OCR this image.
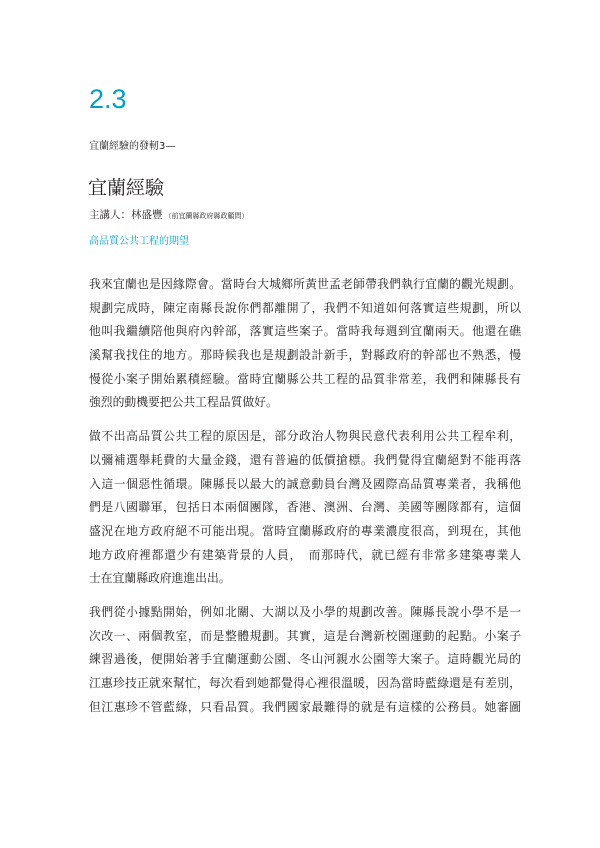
2.3
宜蘭經驗的發軔3—
宜蘭經驗
主講人：林盛豐 （前宜蘭縣政府縣政顧問）
高品質公共工程的期望
我來宜蘭也是因緣際會。當時台大城鄉所黃世孟老師帶我們執行宜蘭的觀光規劃。
規劃完成時，陳定南縣長說你們都離開了，我們不知道如何落實這些規劃，所以
他叫我繼續陪他與府內幹部，落實這些案子。當時我每週到宜蘭兩天。他還在礁
溪幫我找住的地方。那時候我也是規劃設計新手，對縣政府的幹部也不熟悉，慢
慢從小案子開始累積經驗。當時宜蘭縣公共工程的品質非常差，我們和陳縣長有
強烈的動機要把公共工程品質做好。
做不出高品質公共工程的原因是，部分政治人物與民意代表利用公共工程牟利，
以彌補選舉耗費的大量金錢，還有普遍的低價搶標。我們覺得宜蘭絕對不能再落
入這一個惡性循環。陳縣長以最大的誠意動員台灣及國際高品質專業者，我稱他
們是八國聯軍，包括日本兩個團隊，香港、澳洲、台灣、美國等團隊都有，這個
盛況在地方政府絕不可能出現。當時宜蘭縣政府的專業濃度很高，到現在，其他
地方政府裡都還少有建築背景的人員，　而那時代，就已經有非常多建築專業人
士在宜蘭縣政府進進出出。
我們從小據點開始，例如北關、大湖以及小學的規劃改善。陳縣長說小學不是一
次改一、兩個教室，而是整體規劃。其實，這是台灣新校園運動的起點。小案子
練習過後，便開始著手宜蘭運動公園、冬山河親水公園等大案子。這時觀光局的
江惠珍技正就來幫忙，每次看到她都覺得心裡很溫暖，因為當時藍綠還是有差別，
但江惠珍不管藍綠，只看品質。我們國家最難得的就是有這樣的公務員。她審圖
